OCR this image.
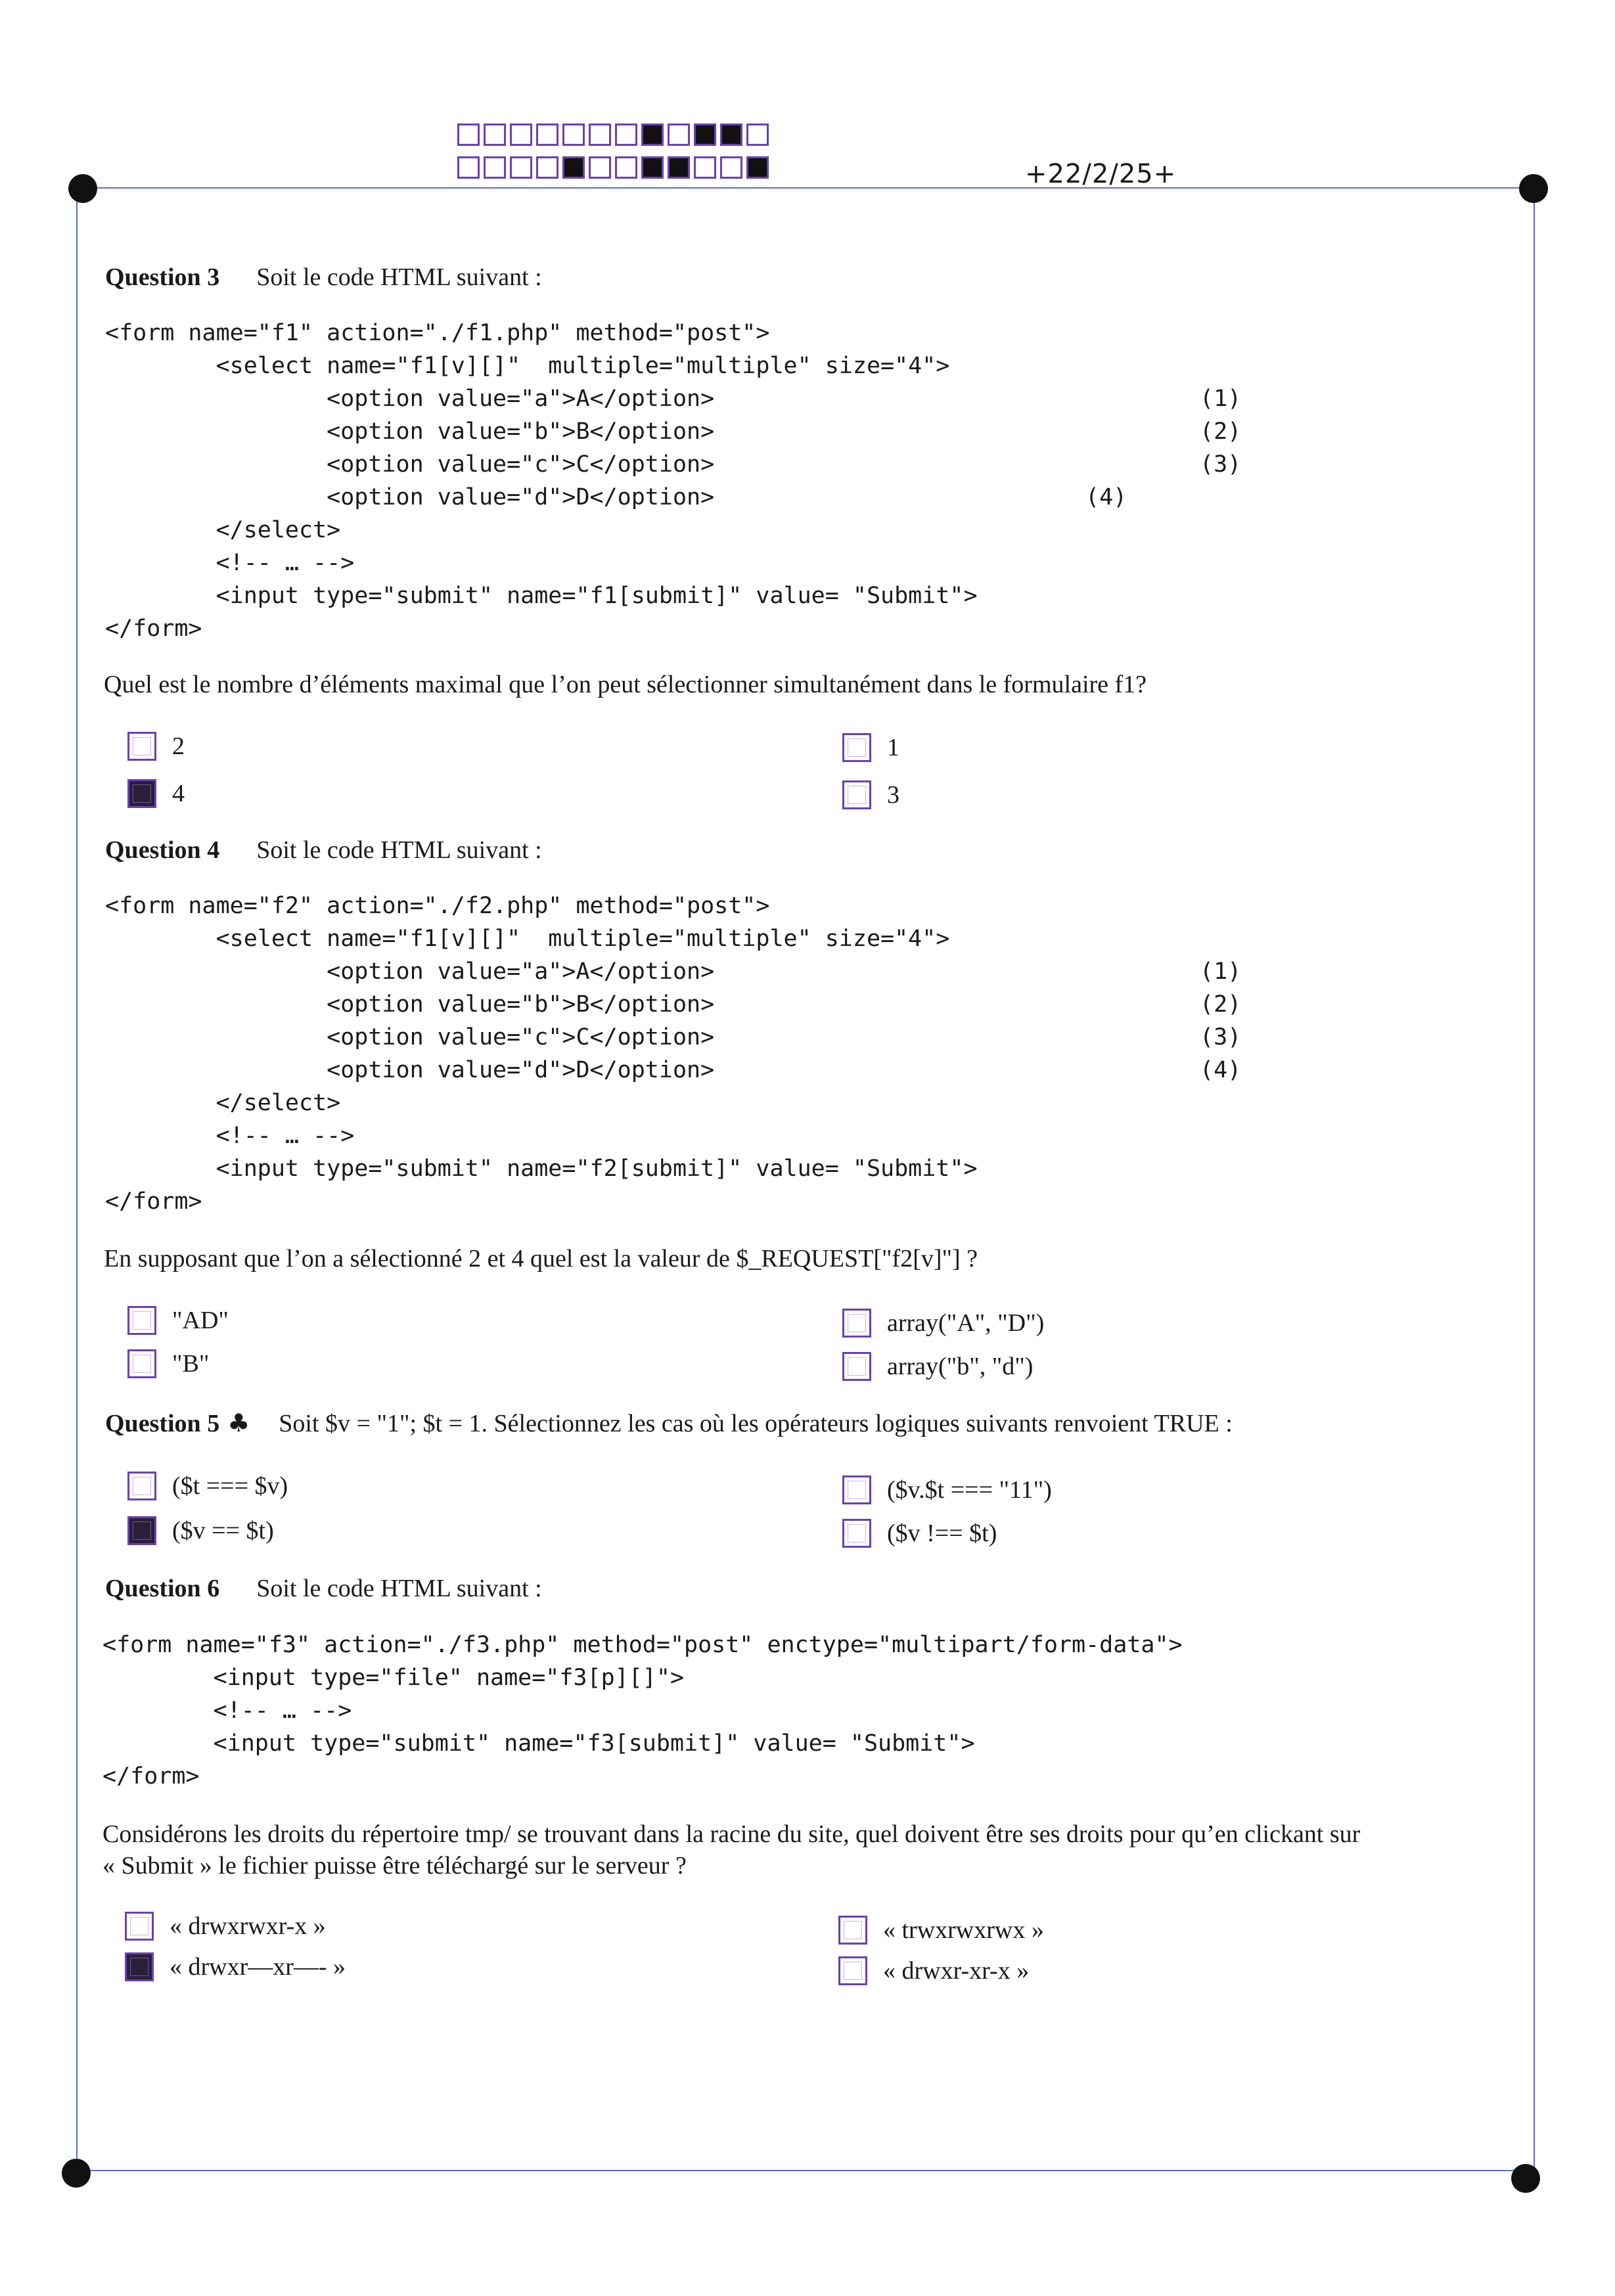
+22/2/25+
Question 3 Soit le code HTML suivant :
<form name="f1" action="./f1.php" method="post">
<select name="f1[v][]"  multiple="multiple" size="4">
<option value="a">A</option>
<option value="b">B</option>
<option value="c">C</option>
<option value="d">D</option>
</select>
<!-- … -->
<input type="submit" name="f1[submit]" value= "Submit">
</form>
(1)
(2)
(3)
(4)
Quel est le nombre d’éléments maximal que l’on peut sélectionner simultanément dans le formulaire f1?
2
4
1
3
Question 4 Soit le code HTML suivant :
<form name="f2" action="./f2.php" method="post">
<select name="f1[v][]"  multiple="multiple" size="4">
<option value="a">A</option>
<option value="b">B</option>
<option value="c">C</option>
<option value="d">D</option>
</select>
<!-- … -->
<input type="submit" name="f2[submit]" value= "Submit">
</form>
(1)
(2)
(3)
(4)
En supposant que l’on a sélectionné 2 et 4 quel est la valeur de $_REQUEST["f2[v]"] ?
"AD"
"B"
array("A", "D")
array("b", "d")
Question 5 ♣ Soit $v = "1"; $t = 1. Sélectionnez les cas où les opérateurs logiques suivants renvoient TRUE :
($t === $v)
($v == $t)
($v.$t === "11")
($v !== $t)
Question 6 Soit le code HTML suivant :
<form name="f3" action="./f3.php" method="post" enctype="multipart/form-data">
<input type="file" name="f3[p][]">
<!-- … -->
<input type="submit" name="f3[submit]" value= "Submit">
</form>
Considérons les droits du répertoire tmp/ se trouvant dans la racine du site, quel doivent être ses droits pour qu’en clickant sur
« Submit » le fichier puisse être téléchargé sur le serveur ?
« drwxrwxr-x »
« drwxr—xr—- »
« trwxrwxrwx »
« drwxr-xr-x »
